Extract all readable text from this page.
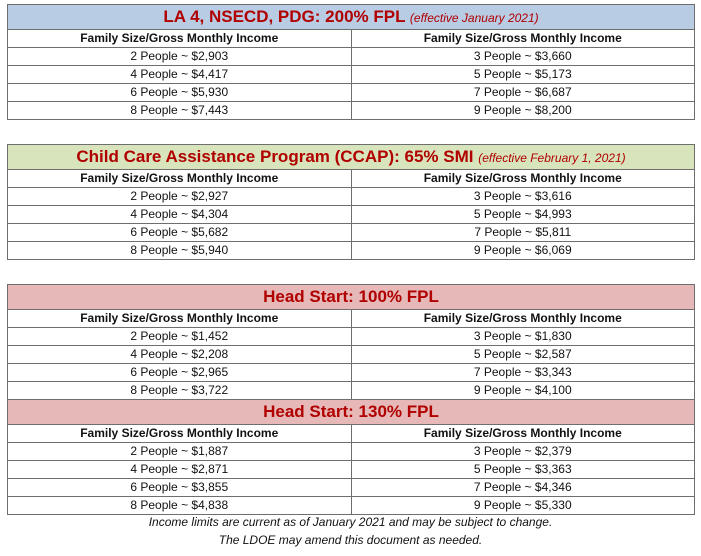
LA 4, NSECD, PDG: 200% FPL (effective January 2021)
Family Size/Gross Monthly Income	Family Size/Gross Monthly Income
2 People ~ $2,903	3 People ~ $3,660
4 People ~ $4,417	5 People ~ $5,173
6 People ~ $5,930	7 People ~ $6,687
8 People ~ $7,443	9 People ~ $8,200
Child Care Assistance Program (CCAP): 65% SMI (effective February 1, 2021)
Family Size/Gross Monthly Income	Family Size/Gross Monthly Income
2 People ~ $2,927	3 People ~ $3,616
4 People ~ $4,304	5 People ~ $4,993
6 People ~ $5,682	7 People ~ $5,811
8 People ~ $5,940	9 People ~ $6,069
Head Start: 100% FPL
Family Size/Gross Monthly Income	Family Size/Gross Monthly Income
2 People ~ $1,452	3 People ~ $1,830
4 People ~ $2,208	5 People ~ $2,587
6 People ~ $2,965	7 People ~ $3,343
8 People ~ $3,722	9 People ~ $4,100
Head Start: 130% FPL
Family Size/Gross Monthly Income	Family Size/Gross Monthly Income
2 People ~ $1,887	3 People ~ $2,379
4 People ~ $2,871	5 People ~ $3,363
6 People ~ $3,855	7 People ~ $4,346
8 People ~ $4,838	9 People ~ $5,330
Income limits are current as of January 2021 and may be subject to change.
The LDOE may amend this document as needed.
